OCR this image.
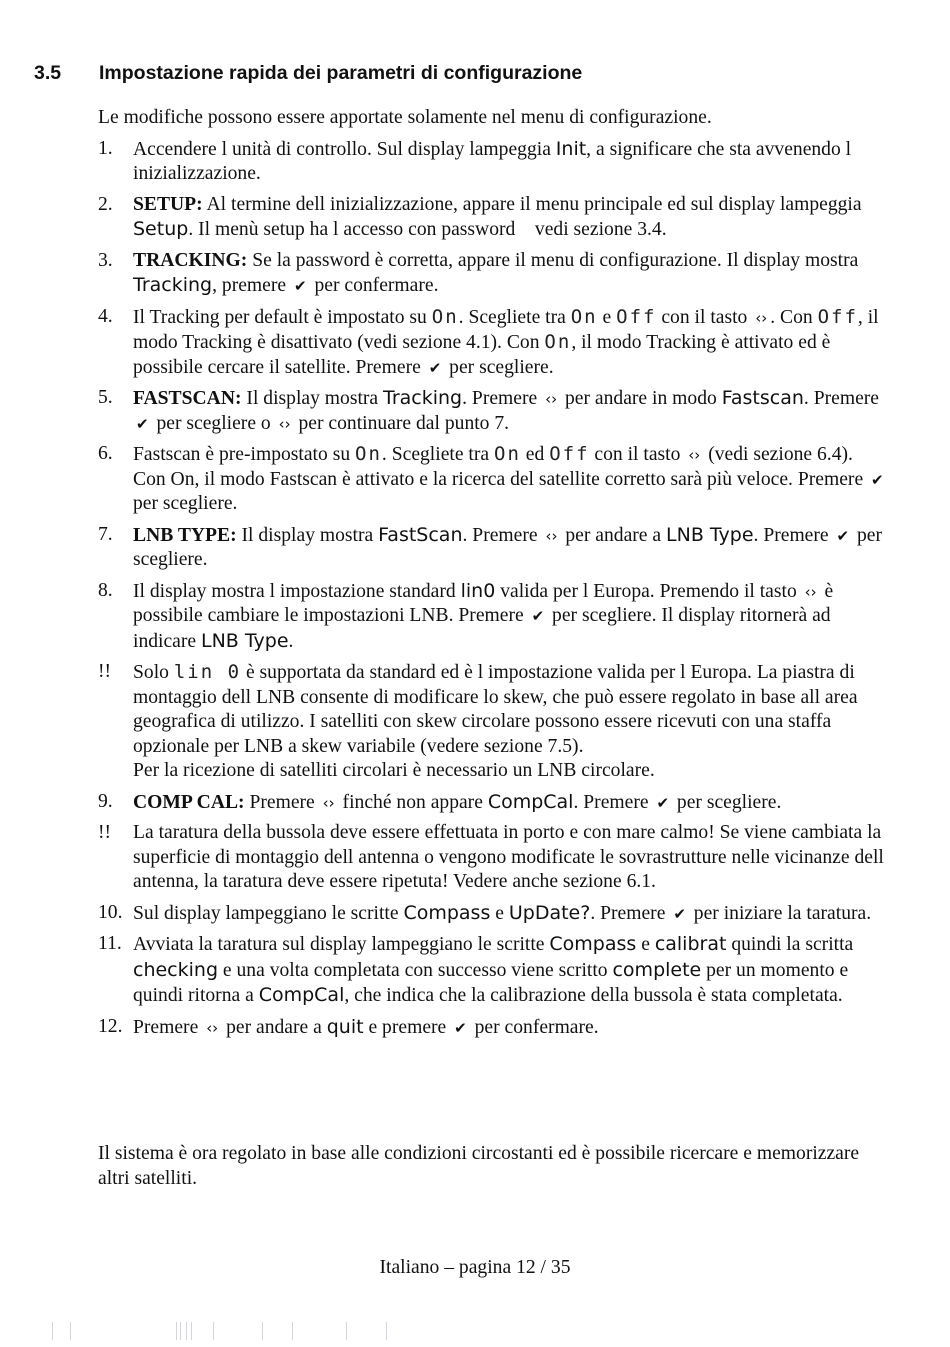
3.5 Impostazione rapida dei parametri di configurazione

Le modifiche possono essere apportate solamente nel menu di configurazione.

1. Accendere l unità di controllo. Sul display lampeggia Init, a significare che sta avvenendo l inizializzazione.
2. SETUP: Al termine dell inizializzazione, appare il menu principale ed sul display lampeggia Setup. Il menù setup ha l accesso con password    vedi sezione 3.4.
3. TRACKING: Se la password è corretta, appare il menu di configurazione. Il display mostra Tracking, premere ✔ per confermare.
4. Il Tracking per default è impostato su On. Scegliete tra On e Off con il tasto ‹› . Con Off, il modo Tracking è disattivato (vedi sezione 4.1). Con On, il modo Tracking è attivato ed è possibile cercare il satellite. Premere ✔ per scegliere.
5. FASTSCAN: Il display mostra Tracking. Premere ‹› per andare in modo Fastscan. Premere ✔ per scegliere o ‹› per continuare dal punto 7.
6. Fastscan è pre-impostato su On. Scegliete tra On ed Off con il tasto ‹› (vedi sezione 6.4). Con On, il modo Fastscan è attivato e la ricerca del satellite corretto sarà più veloce. Premere ✔ per scegliere.
7. LNB TYPE: Il display mostra FastScan. Premere ‹› per andare a LNB Type. Premere ✔ per scegliere.
8. Il display mostra l impostazione standard lin0 valida per l Europa. Premendo il tasto ‹› è possibile cambiare le impostazioni LNB. Premere ✔ per scegliere. Il display ritornerà ad indicare LNB Type.
!! Solo lin 0 è supportata da standard ed è l impostazione valida per l Europa. La piastra di montaggio dell LNB consente di modificare lo skew, che può essere regolato in base all area geografica di utilizzo. I satelliti con skew circolare possono essere ricevuti con una staffa opzionale per LNB a skew variabile (vedere sezione 7.5).
Per la ricezione di satelliti circolari è necessario un LNB circolare.
9. COMP CAL: Premere ‹› finché non appare CompCal. Premere ✔ per scegliere.
!! La taratura della bussola deve essere effettuata in porto e con mare calmo! Se viene cambiata la superficie di montaggio dell antenna o vengono modificate le sovrastrutture nelle vicinanze dell antenna, la taratura deve essere ripetuta! Vedere anche sezione 6.1.
10. Sul display lampeggiano le scritte Compass e UpDate?. Premere ✔ per iniziare la taratura.
11. Avviata la taratura sul display lampeggiano le scritte Compass e calibrat quindi la scritta checking e una volta completata con successo viene scritto complete per un momento e quindi ritorna a CompCal, che indica che la calibrazione della bussola è stata completata.
12. Premere ‹› per andare a quit e premere ✔ per confermare.

Il sistema è ora regolato in base alle condizioni circostanti ed è possibile ricercare e memorizzare altri satelliti.

Italiano – pagina 12 / 35
